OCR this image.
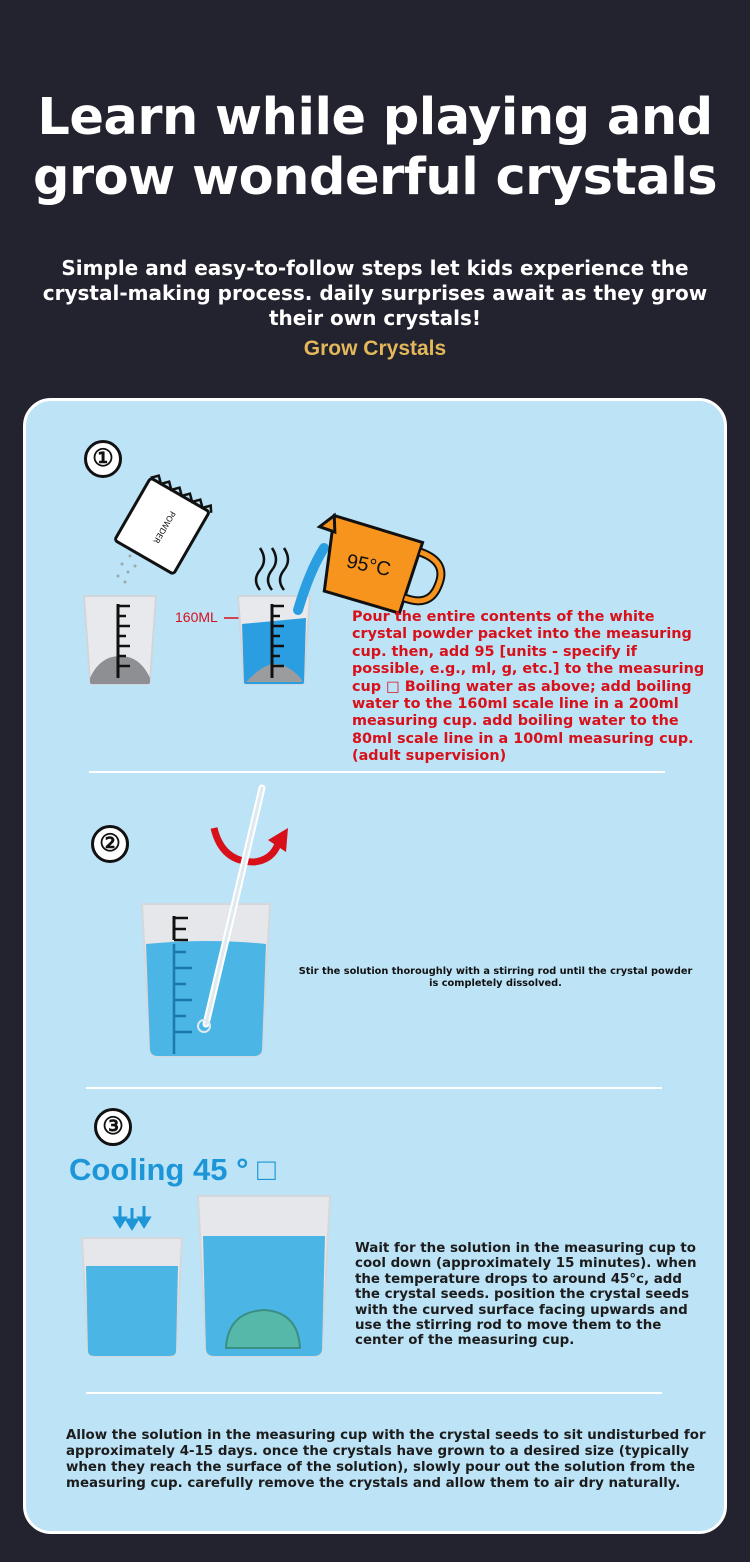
Learn while playing and
grow wonderful crystals
Simple and easy-to-follow steps let kids experience the crystal-making process. daily surprises await as they grow their own crystals!
Grow Crystals
①
POWDER
160ML
95°C
Pour the entire contents of the white crystal powder packet into the measuring cup. then, add 95 [units - specify if possible, e.g., ml, g, etc.] to the measuring cup □ Boiling water as above; add boiling water to the 160ml scale line in a 200ml measuring cup. add boiling water to the 80ml scale line in a 100ml measuring cup. (adult supervision)
②
Stir the solution thoroughly with a stirring rod until the crystal powder is completely dissolved.
③
Cooling 45 ° □
Wait for the solution in the measuring cup to cool down (approximately 15 minutes). when the temperature drops to around 45°c, add the crystal seeds. position the crystal seeds with the curved surface facing upwards and use the stirring rod to move them to the center of the measuring cup.
Allow the solution in the measuring cup with the crystal seeds to sit undisturbed for approximately 4-15 days. once the crystals have grown to a desired size (typically when they reach the surface of the solution), slowly pour out the solution from the measuring cup. carefully remove the crystals and allow them to air dry naturally.
